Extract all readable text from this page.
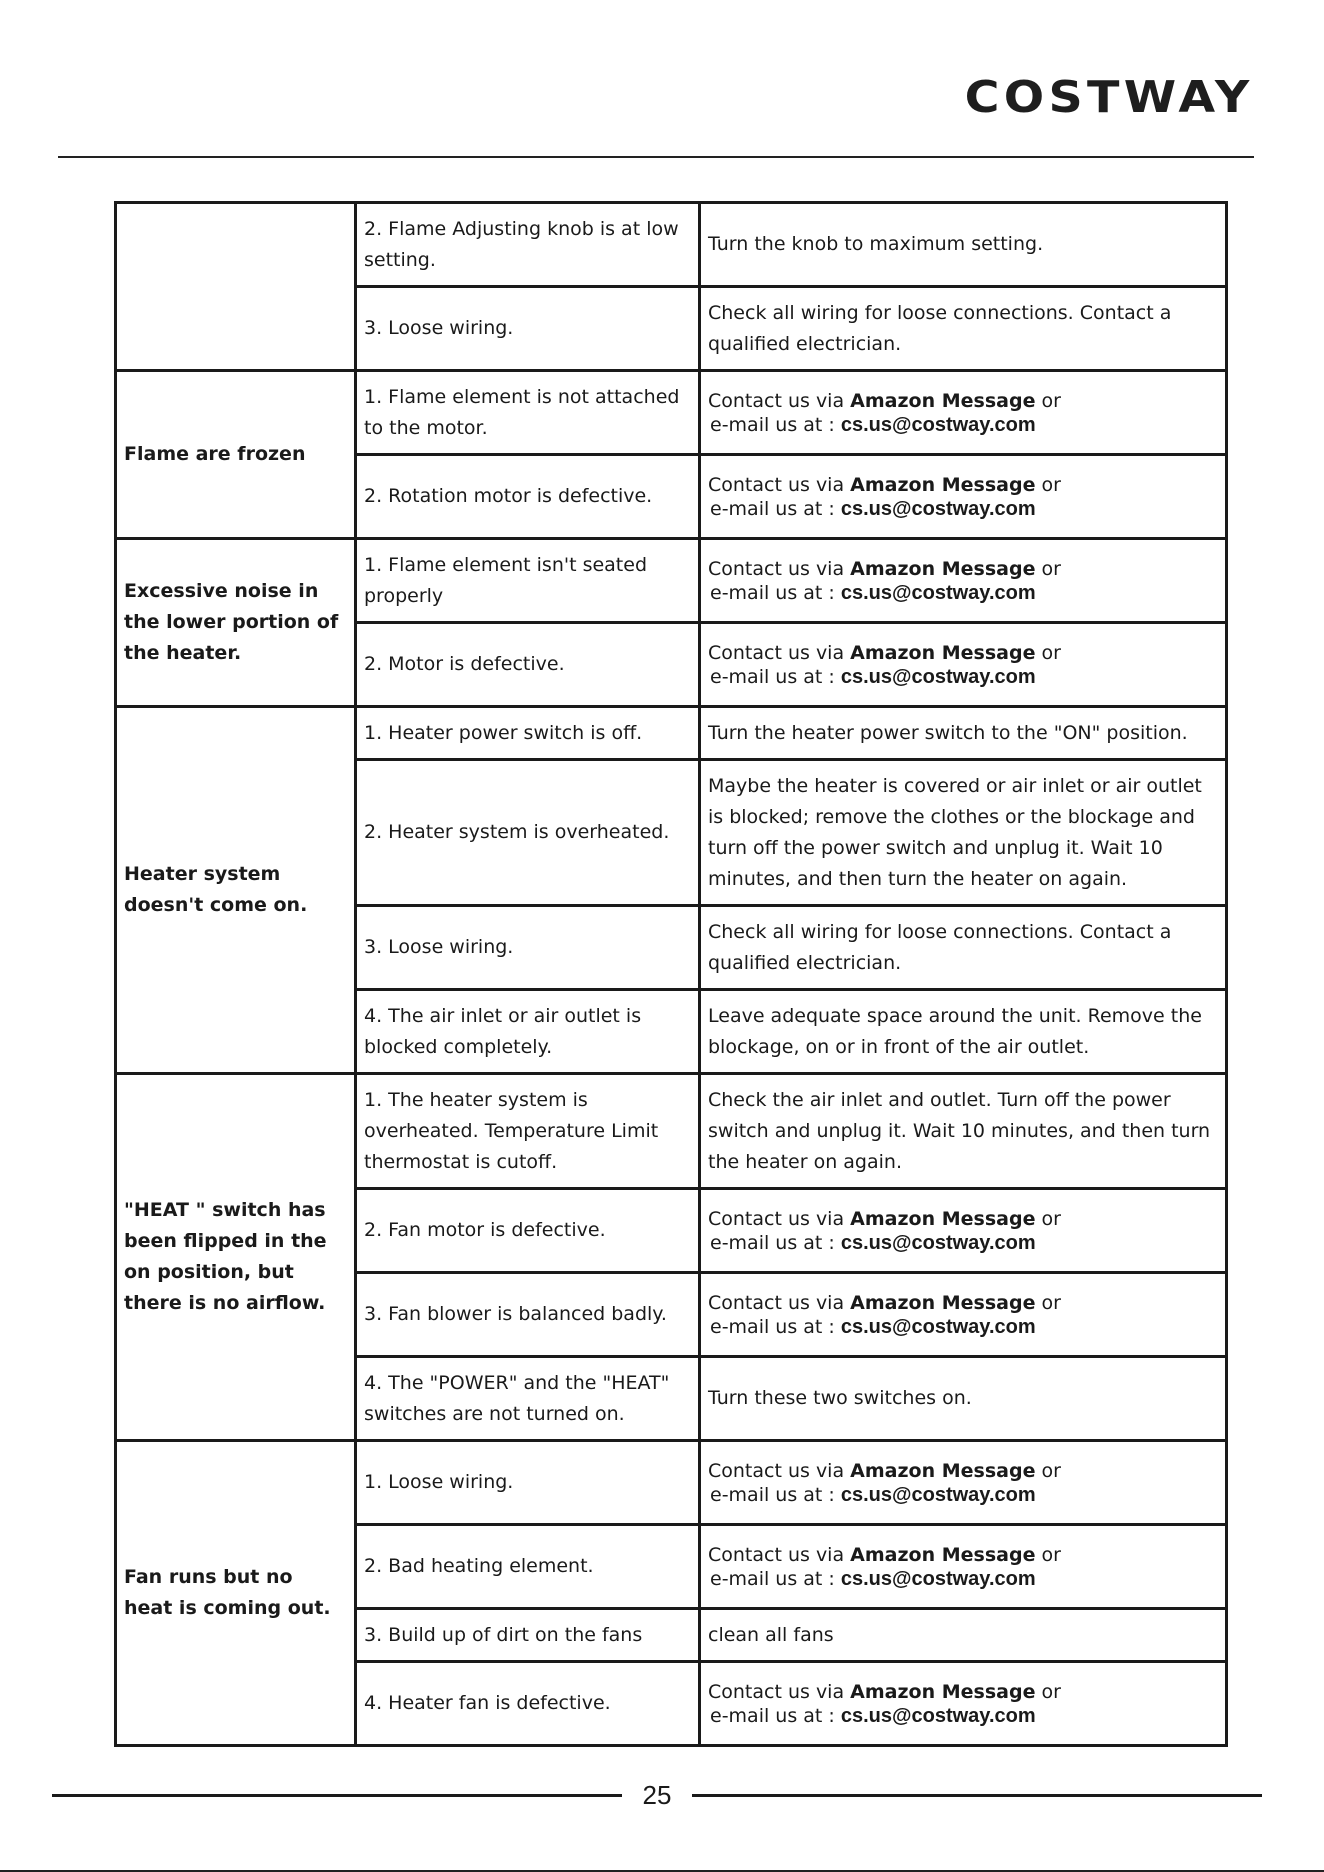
COSTWAY
	2. Flame Adjusting knob is at low setting.	Turn the knob to maximum setting.
	3. Loose wiring.	Check all wiring for loose connections. Contact a qualified electrician.
Flame are frozen	1. Flame element is not attached to the motor.	Contact us via Amazon Message or
e-mail us at : cs.us@costway.com

	2. Rotation motor is defective.	Contact us via Amazon Message or
e-mail us at : cs.us@costway.com

Excessive noise in the lower portion of the heater.	1. Flame element isn't seated properly	Contact us via Amazon Message or
e-mail us at : cs.us@costway.com

	2. Motor is defective.	Contact us via Amazon Message or
e-mail us at : cs.us@costway.com

Heater system doesn't come on.	1. Heater power switch is off.	Turn the heater power switch to the "ON" position.
	2. Heater system is overheated.	Maybe the heater is covered or air inlet or air outlet is blocked; remove the clothes or the blockage and turn off the power switch and unplug it. Wait 10 minutes, and then turn the heater on again.
	3. Loose wiring.	Check all wiring for loose connections. Contact a qualified electrician.
	4. The air inlet or air outlet is blocked completely.	Leave adequate space around the unit. Remove the blockage, on or in front of the air outlet.
"HEAT " switch has been flipped in the on position, but there is no airflow.	1. The heater system is overheated. Temperature Limit thermostat is cutoff.	Check the air inlet and outlet. Turn off the power switch and unplug it. Wait 10 minutes, and then turn the heater on again.
	2. Fan motor is defective.	Contact us via Amazon Message or
e-mail us at : cs.us@costway.com

	3. Fan blower is balanced badly.	Contact us via Amazon Message or
e-mail us at : cs.us@costway.com

	4. The "POWER" and the "HEAT" switches are not turned on.	Turn these two switches on.
Fan runs but no heat is coming out.	1. Loose wiring.	Contact us via Amazon Message or
e-mail us at : cs.us@costway.com

	2. Bad heating element.	Contact us via Amazon Message or
e-mail us at : cs.us@costway.com

	3. Build up of dirt on the fans	clean all fans
	4. Heater fan is defective.	Contact us via Amazon Message or
e-mail us at : cs.us@costway.com
25
